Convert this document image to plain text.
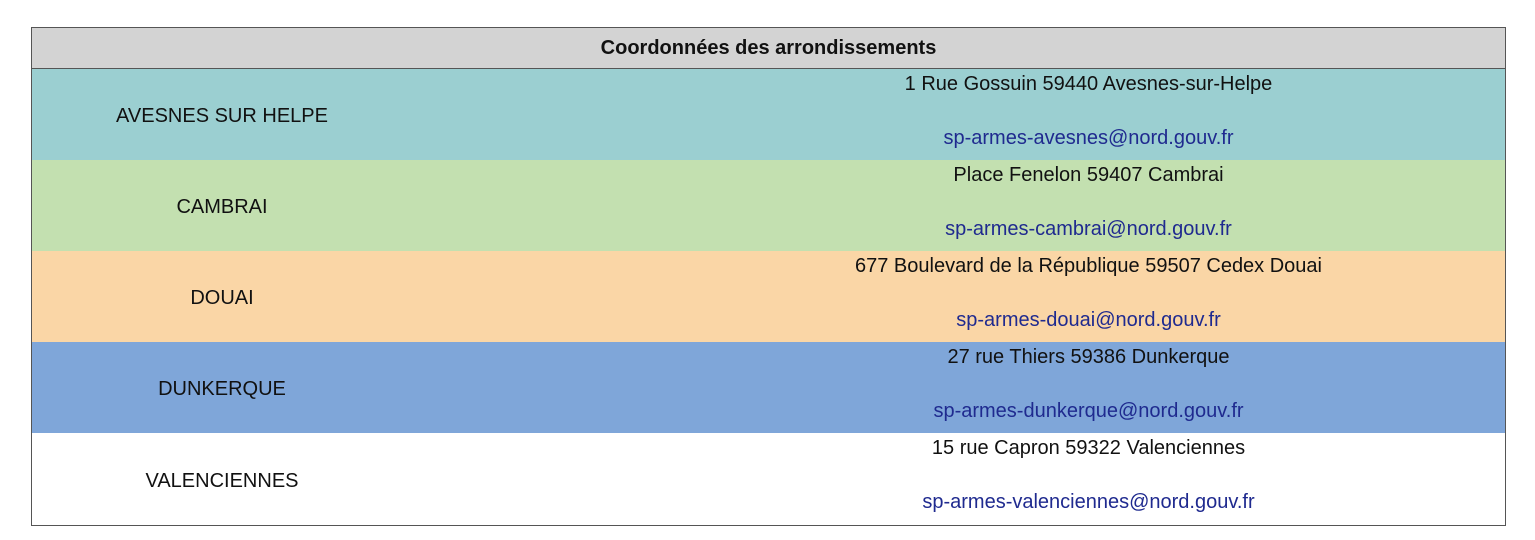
Coordonnées des arrondissements
AVESNES SUR HELPE
1 Rue Gossuin 59440 Avesnes-sur-Helpe
sp-armes-avesnes@nord.gouv.fr
CAMBRAI
Place Fenelon 59407 Cambrai
sp-armes-cambrai@nord.gouv.fr
DOUAI
677 Boulevard de la République 59507 Cedex Douai
sp-armes-douai@nord.gouv.fr
DUNKERQUE
27 rue Thiers 59386 Dunkerque
sp-armes-dunkerque@nord.gouv.fr
VALENCIENNES
15 rue Capron 59322 Valenciennes
sp-armes-valenciennes@nord.gouv.fr
